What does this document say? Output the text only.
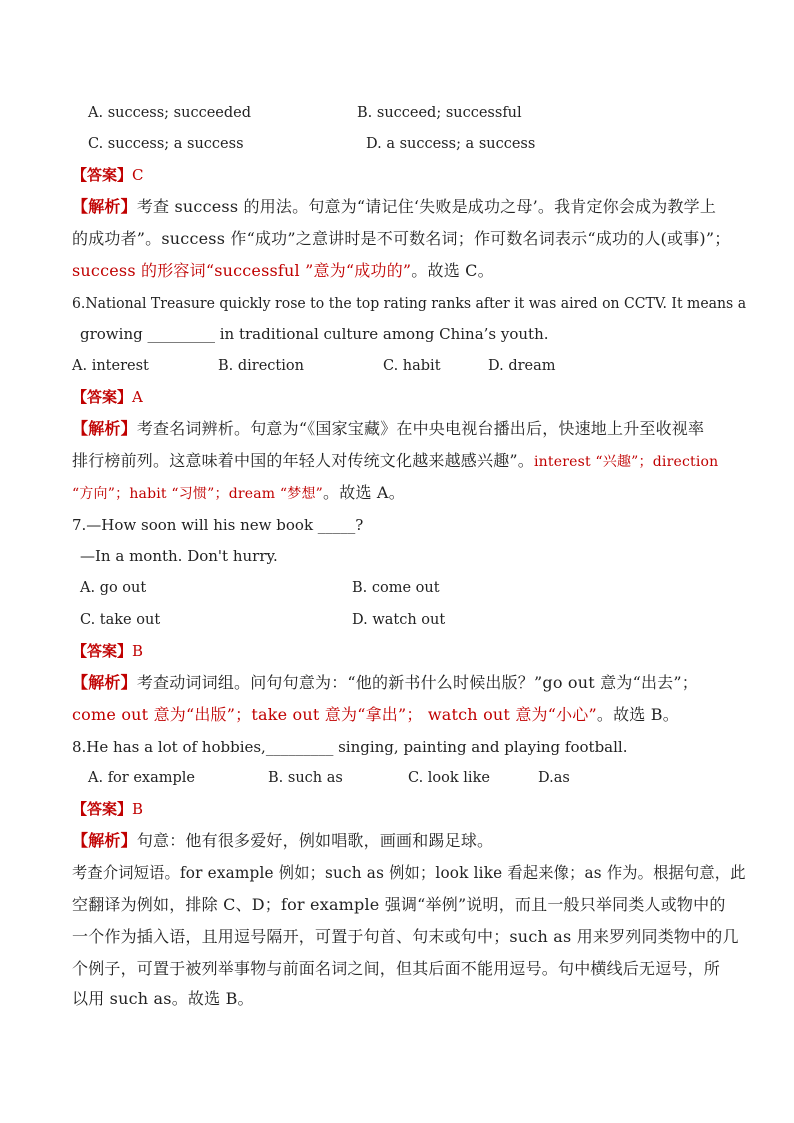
A. success; succeeded	B. succeed; successful
C. success; a success	D. a success; a success
【答案】C
【解析】考查 success 的用法。句意为“请记住‘失败是成功之母’。我肯定你会成为教学上
的成功者”。success 作“成功”之意讲时是不可数名词；作可数名词表示“成功的人(或事)”；
success 的形容词“successful ”意为“成功的”。故选 C。
6.National Treasure quickly rose to the top rating ranks after it was aired on CCTV. It means a
growing _________ in traditional culture among China’s youth.
A. interest	B. direction	C. habit	D. dream
【答案】A
【解析】考查名词辨析。句意为“《国家宝藏》在中央电视台播出后，快速地上升至收视率
排行榜前列。这意味着中国的年轻人对传统文化越来越感兴趣”。interest “兴趣”；direction
“方向”；habit “习惯”；dream “梦想”。故选 A。
7.—How soon will his new book _____?
—In a month. Don't hurry.
A. go out	B. come out
C. take out	D. watch out
【答案】B
【解析】考查动词词组。问句句意为：“他的新书什么时候出版？”go out 意为“出去”；
come out 意为“出版”；take out 意为“拿出”； watch out 意为“小心”。故选 B。
8.He has a lot of hobbies,_________ singing, painting and playing football.
A. for example	B. such as	C. look like	D.as
【答案】B
【解析】句意：他有很多爱好，例如唱歌，画画和踢足球。
考查介词短语。for example 例如；such as 例如；look like 看起来像；as 作为。根据句意，此
空翻译为例如，排除 C、D；for example 强调“举例”说明，而且一般只举同类人或物中的
一个作为插入语，且用逗号隔开，可置于句首、句末或句中；such as 用来罗列同类物中的几
个例子，可置于被列举事物与前面名词之间，但其后面不能用逗号。句中横线后无逗号，所
以用 such as。故选 B。
